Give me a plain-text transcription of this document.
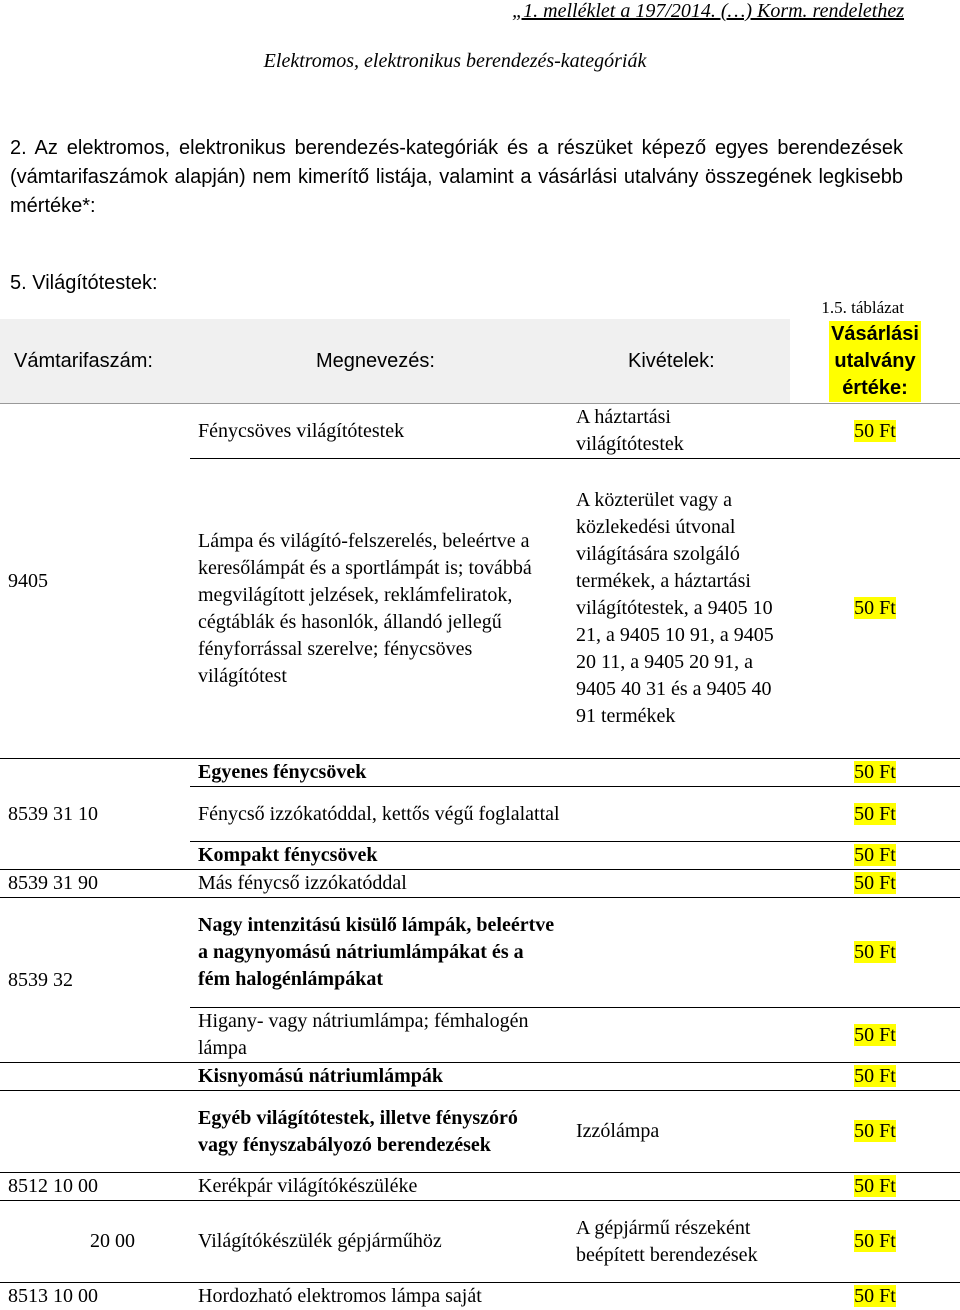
„1. melléklet a 197/2014. (…) Korm. rendelethez
Elektromos, elektronikus berendezés-kategóriák
2. Az elektromos, elektronikus berendezés-kategóriák és a részüket képező egyes berendezések (vámtarifaszámok alapján) nem kimerítő listája, valamint a vásárlási utalvány összegének legkisebb mértéke*:
5. Világítótestek:
1.5. táblázat
Vámtarifaszám:	Megnevezés:	Kivételek:	Vásárlási utalvány értéke:
9405	Fénycsöves világítótestek	A háztartási világítótestek	50 Ft
	Lámpa és világító-felszerelés, beleértve a keresőlámpát és a sportlámpát is; továbbá megvilágított jelzések, reklámfeliratok, cégtáblák és hasonlók, állandó jellegű fényforrással szerelve; fénycsöves világítótest	A közterület vagy a közlekedési útvonal világítására szolgáló termékek, a háztartási világítótestek, a 9405 10 21, a 9405 10 91, a 9405 20 11, a 9405 20 91, a 9405 40 31 és a 9405 40 91 termékek	50 Ft
8539 31 10	Egyenes fénycsövek		50 Ft
	Fénycső izzókatóddal, kettős végű foglalattal		50 Ft
	Kompakt fénycsövek		50 Ft
8539 31 90	Más fénycső izzókatóddal		50 Ft
8539 32	Nagy intenzitású kisülő lámpák, beleértve a nagynyomású nátriumlámpákat és a fém halogénlámpákat		50 Ft
	Higany- vagy nátriumlámpa; fémhalogén lámpa		50 Ft
	Kisnyomású nátriumlámpák		50 Ft
	Egyéb világítótestek, illetve fényszóró vagy fényszabályozó berendezések	Izzólámpa	50 Ft
8512 10 00	Kerékpár világítókészüléke		50 Ft
20 00	Világítókészülék gépjárműhöz	A gépjármű részeként beépített berendezések	50 Ft
8513 10 00	Hordozható elektromos lámpa saját		50 Ft
